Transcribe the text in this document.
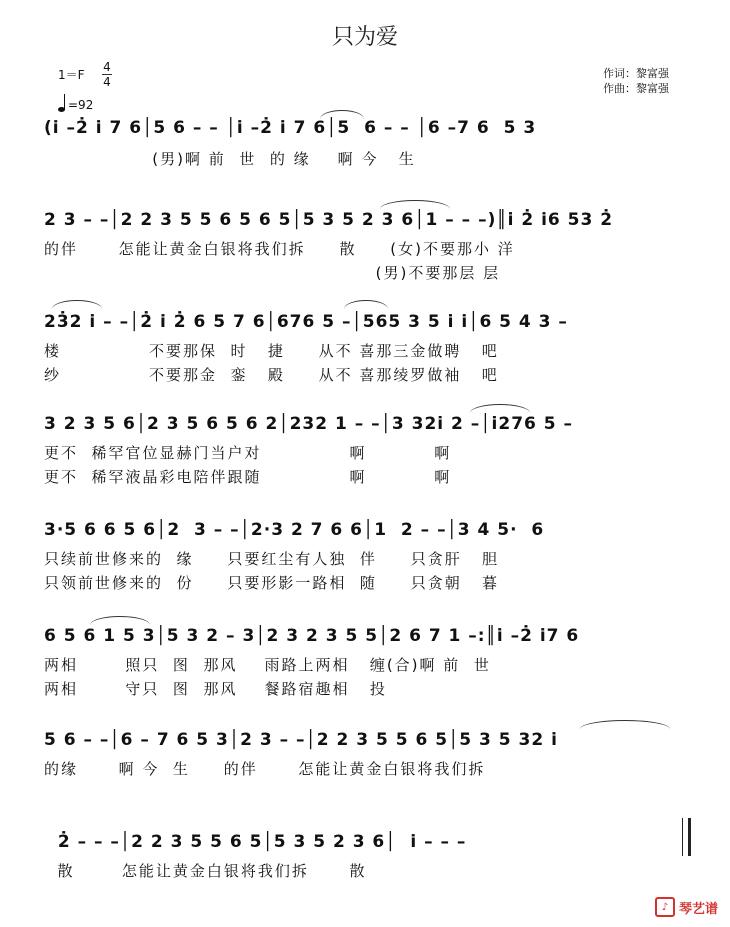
只为爱
1＝F
4
4
=92
作词：黎富强
作曲：黎富强
(i̇ –2̇ i̇ 7 6│5 6 – – │i̇ –2̇ i̇ 7 6│5  6 – – │6 –7 6  5 3
(男)啊 前  世  的 缘    啊 今   生
2 3 – –│2 2 3 5 5 6 5 6 5│5 3 5 2 3 6│1 – – –)║i̇ 2̇ i̇6 53 2̇
的伴      怎能让黄金白银将我们拆     散     (女)不要那小 洋
(男)不要那层 层
23̇2 i̇ – –│2̇ i̇ 2̇ 6 5 7 6│676 5 –│565 3 5 i̇ i̇│6 5 4 3 –
楼             不要那保  时   捷     从不 喜那三金做聘   吧
纱             不要那金  銮   殿     从不 喜那绫罗做袖   吧
3 2 3 5 6│2 3 5 6 5 6 2│232 1 – –│3 32i 2 –│i276 5 –
更不  稀罕官位显赫门当户对             啊          啊
更不  稀罕液晶彩电陪伴跟随             啊          啊
3·5 6 6 5 6│2  3 – –│2·3 2 7 6 6│1  2 – –│3 4 5·  6
只续前世修来的  缘     只要红尘有人独  伴     只贪肝   胆
只领前世修来的  份     只要形影一路相  随     只贪朝   暮
6 5 6 1 5 3│5 3 2 – 3│2 3 2 3 5 5│2 6 7 1 –:║i̇ –2̇ i̇7 6
两相       照只  图  那风    雨路上两相   缠(合)啊 前  世
两相       守只  图  那风    餐路宿趣相   投
5 6 – –│6 – 7 6 5 3│2 3 – –│2 2 3 5 5 6 5│5 3 5 32 i̇
的缘      啊 今  生     的伴      怎能让黄金白银将我们拆
2̇ – – –│2 2 3 5 5 6 5│5 3 5 2 3 6│  i̇ – – –
散       怎能让黄金白银将我们拆      散
♪ 琴艺谱
